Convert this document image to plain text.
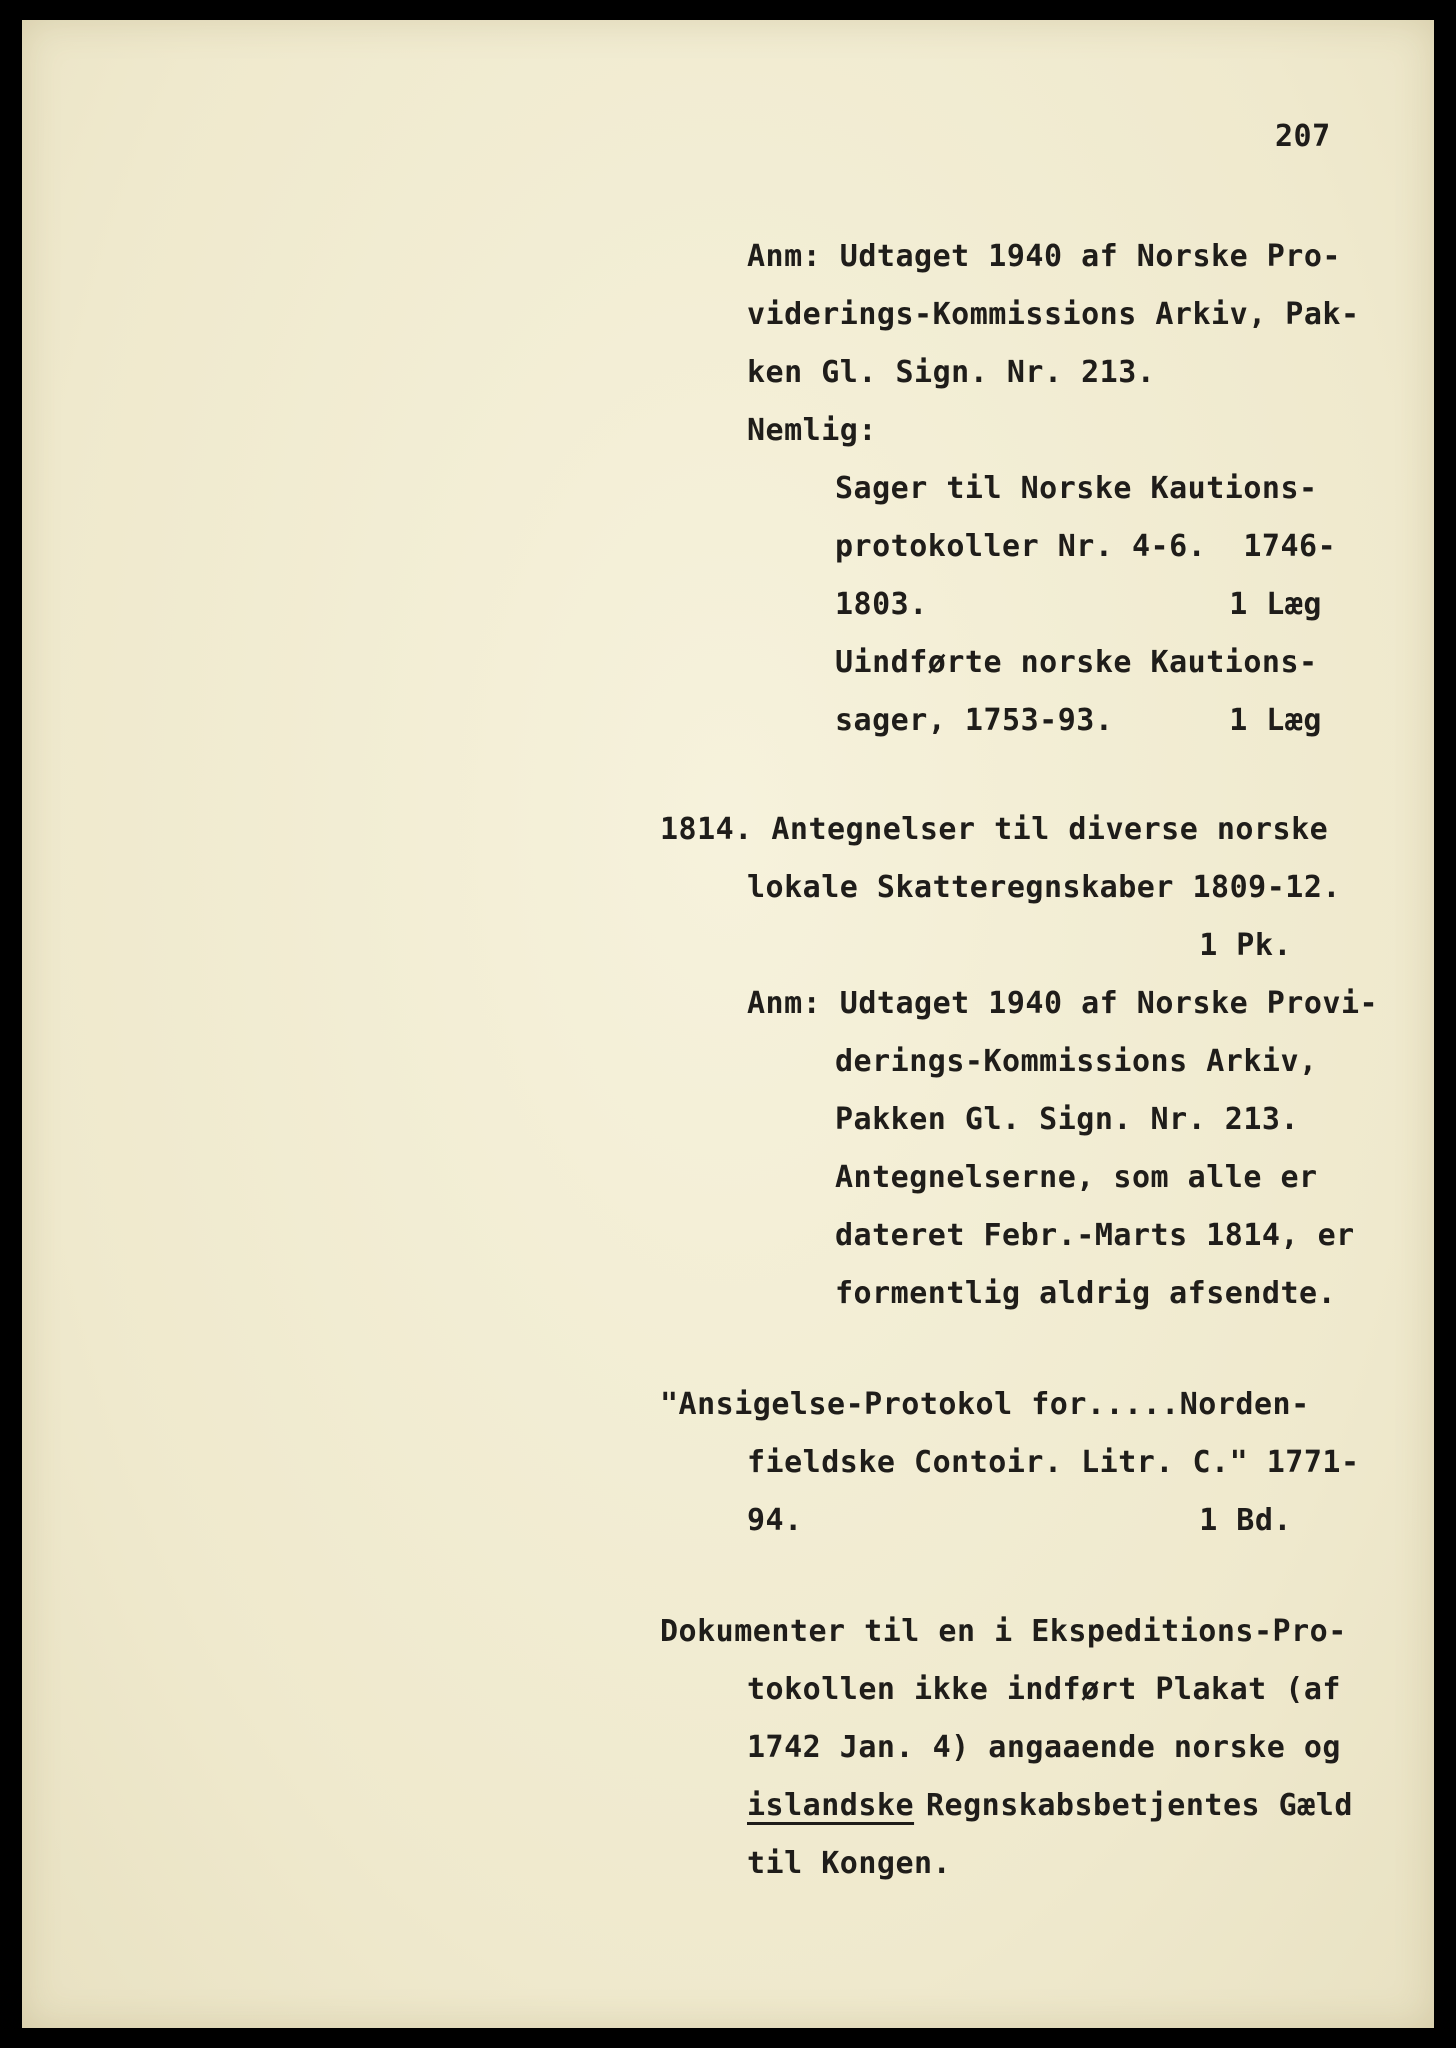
207
Anm: Udtaget 1940 af Norske Pro-
viderings-Kommissions Arkiv, Pak-
ken Gl. Sign. Nr. 213.
Nemlig:
Sager til Norske Kautions-
protokoller Nr. 4-6.  1746-
1803.	1 Læg
Uindførte norske Kautions-
sager, 1753-93.	1 Læg
1814. Antegnelser til diverse norske
lokale Skatteregnskaber 1809-12.
1 Pk.
Anm: Udtaget 1940 af Norske Provi-
derings-Kommissions Arkiv,
Pakken Gl. Sign. Nr. 213.
Antegnelserne, som alle er
dateret Febr.-Marts 1814, er
formentlig aldrig afsendte.
"Ansigelse-Protokol for.....Norden-
fieldske Contoir. Litr. C." 1771-
94.	1 Bd.
Dokumenter til en i Ekspeditions-Pro-
tokollen ikke indført Plakat (af
1742 Jan. 4) angaaende norske og
islandske Regnskabsbetjentes Gæld
til Kongen.
